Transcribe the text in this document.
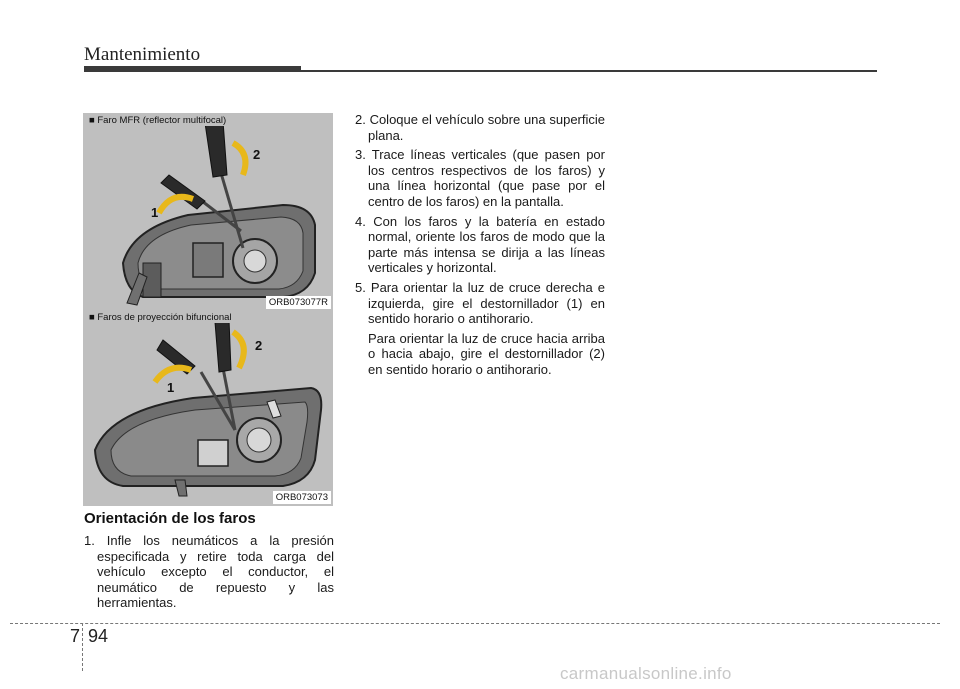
Mantenimiento
■ Faro MFR (reflector multifocal)
1
2
ORB073077R
■ Faros de proyección bifuncional
1
2
ORB073073
Orientación de los faros

1. Infle los neumáticos a la presión especificada y retire toda carga del vehículo excepto el conductor, el neumático de repuesto y las herramientas.

2. Coloque el vehículo sobre una superficie plana.

3. Trace líneas verticales (que pasen por los centros respectivos de los faros) y una línea horizontal (que pase por el centro de los faros) en la pantalla.

4. Con los faros y la batería en estado normal, oriente los faros de modo que la parte más intensa se dirija a las líneas verticales y horizontal.

5. Para orientar la luz de cruce derecha e izquierda, gire el destornillador (1) en sentido horario o antihorario.

Para orientar la luz de cruce hacia arriba o hacia abajo, gire el destornillador (2) en sentido horario o antihorario.

7 94
carmanualsonline.info
